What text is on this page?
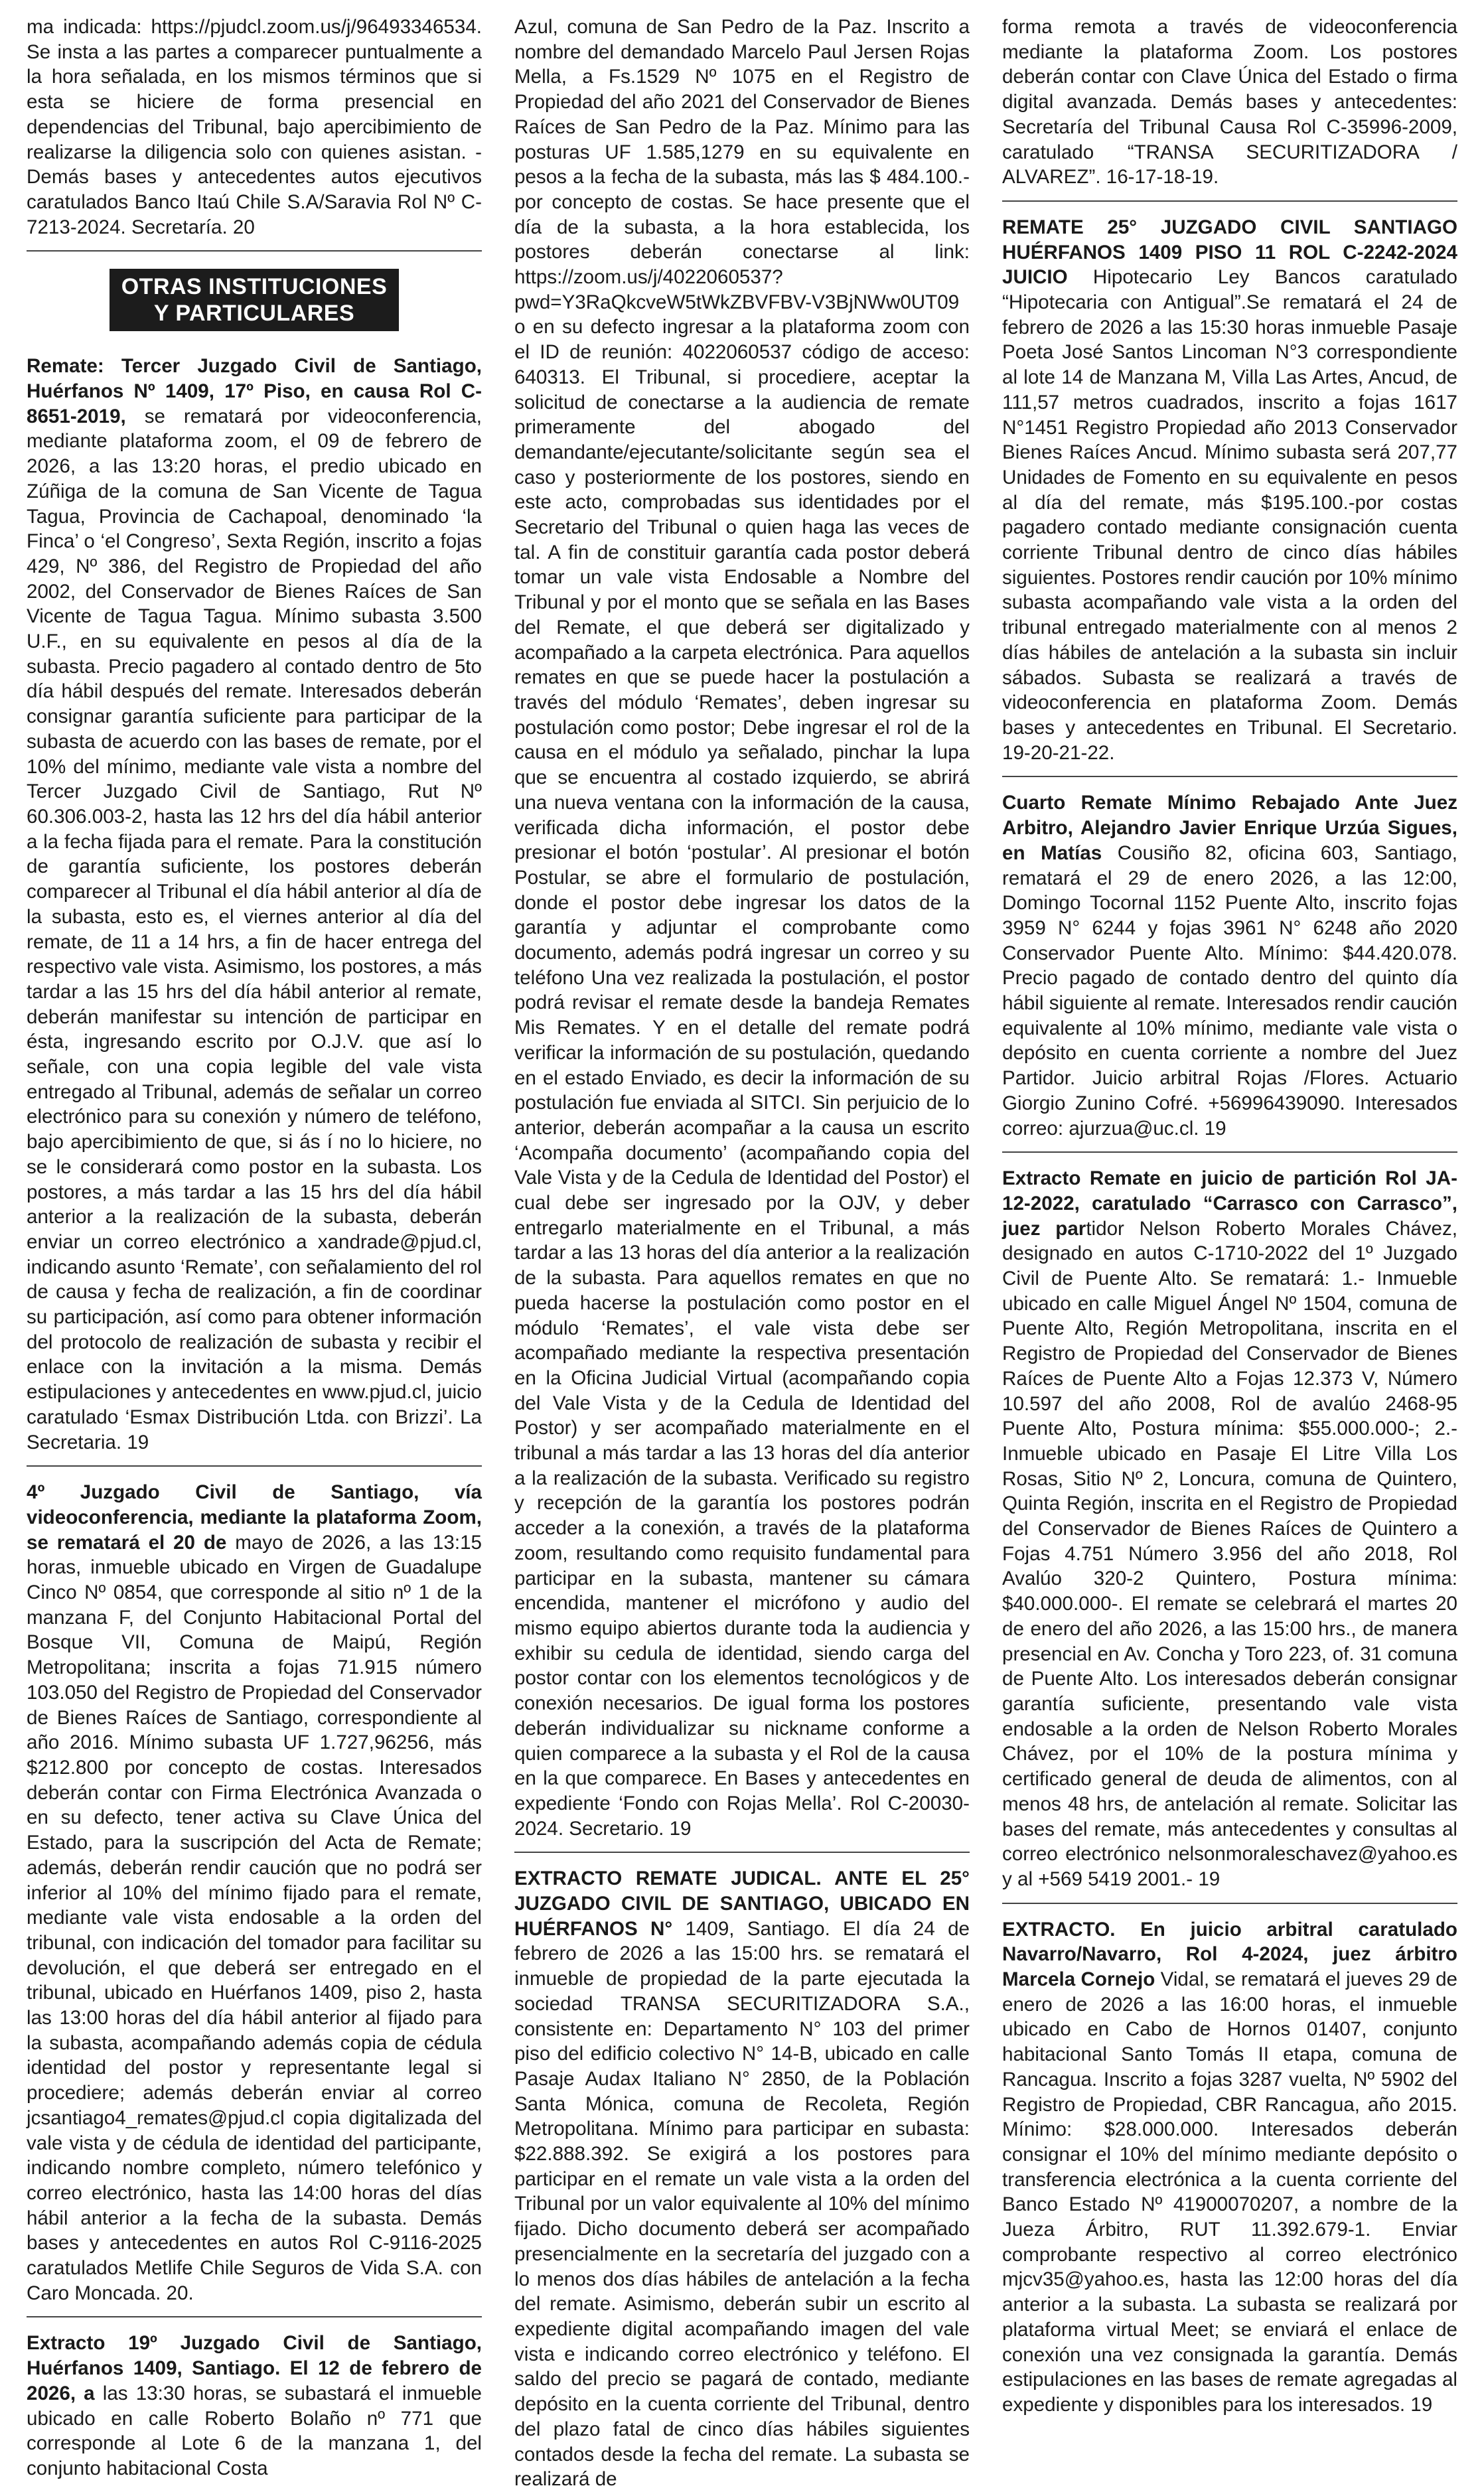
ma indicada: https://pjudcl.zoom.us/j/96493346534. Se insta a las partes a comparecer puntualmente a la hora señalada, en los mismos términos que si esta se hiciere de forma presencial en dependencias del Tribunal, bajo apercibimiento de realizarse la diligencia solo con quienes asistan. - Demás bases y antecedentes autos ejecutivos caratulados Banco Itaú Chile S.A/Saravia Rol Nº C-7213-2024. Secretaría. 20

OTRAS INSTITUCIONES
Y PARTICULARES

Remate: Tercer Juzgado Civil de Santiago, Huérfanos Nº 1409, 17º Piso, en causa Rol C-8651-2019, se rematará por videoconferencia, mediante plataforma zoom, el 09 de febrero de 2026, a las 13:20 horas, el predio ubicado en Zúñiga de la comuna de San Vicente de Tagua Tagua, Provincia de Cachapoal, denominado ‘la Finca’ o ‘el Congreso’, Sexta Región, inscrito a fojas 429, Nº 386, del Registro de Propiedad del año 2002, del Conservador de Bienes Raíces de San Vicente de Tagua Tagua. Mínimo subasta 3.500 U.F., en su equivalente en pesos al día de la subasta. Precio pagadero al contado dentro de 5to día hábil después del remate. Interesados deberán consignar garantía suficiente para participar de la subasta de acuerdo con las bases de remate, por el 10% del mínimo, mediante vale vista a nombre del Tercer Juzgado Civil de Santiago, Rut Nº 60.306.003-2, hasta las 12 hrs del día hábil anterior a la fecha fijada para el remate. Para la constitución de garantía suficiente, los postores deberán comparecer al Tribunal el día hábil anterior al día de la subasta, esto es, el viernes anterior al día del remate, de 11 a 14 hrs, a fin de hacer entrega del respectivo vale vista. Asimismo, los postores, a más tardar a las 15 hrs del día hábil anterior al remate, deberán manifestar su intención de participar en ésta, ingresando escrito por O.J.V. que así lo señale, con una copia legible del vale vista entregado al Tribunal, además de señalar un correo electrónico para su conexión y número de teléfono, bajo apercibimiento de que, si ás í no lo hiciere, no se le considerará como postor en la subasta. Los postores, a más tardar a las 15 hrs del día hábil anterior a la realización de la subasta, deberán enviar un correo electrónico a xandrade@pjud.cl, indicando asunto ‘Remate’, con señalamiento del rol de causa y fecha de realización, a fin de coordinar su participación, así como para obtener información del protocolo de realización de subasta y recibir el enlace con la invitación a la misma. Demás estipulaciones y antecedentes en www.pjud.cl, juicio caratulado ‘Esmax Distribución Ltda. con Brizzi’. La Secretaria. 19

4º Juzgado Civil de Santiago, vía videoconferencia, mediante la plataforma Zoom, se rematará el 20 de mayo de 2026, a las 13:15 horas, inmueble ubicado en Virgen de Guadalupe Cinco Nº 0854, que corresponde al sitio nº 1 de la manzana F, del Conjunto Habitacional Portal del Bosque VII, Comuna de Maipú, Región Metropolitana; inscrita a fojas 71.915 número 103.050 del Registro de Propiedad del Conservador de Bienes Raíces de Santiago, correspondiente al año 2016. Mínimo subasta UF 1.727,96256, más $212.800 por concepto de costas. Interesados deberán contar con Firma Electrónica Avanzada o en su defecto, tener activa su Clave Única del Estado, para la suscripción del Acta de Remate; además, deberán rendir caución que no podrá ser inferior al 10% del mínimo fijado para el remate, mediante vale vista endosable a la orden del tribunal, con indicación del tomador para facilitar su devolución, el que deberá ser entregado en el tribunal, ubicado en Huérfanos 1409, piso 2, hasta las 13:00 horas del día hábil anterior al fijado para la subasta, acompañando además copia de cédula identidad del postor y representante legal si procediere; además deberán enviar al correo jcsantiago4_remates@pjud.cl copia digitalizada del vale vista y de cédula de identidad del participante, indicando nombre completo, número telefónico y correo electrónico, hasta las 14:00 horas del días hábil anterior a la fecha de la subasta. Demás bases y antecedentes en autos Rol C-9116-2025 caratulados Metlife Chile Seguros de Vida S.A. con Caro Moncada. 20.

Extracto 19º Juzgado Civil de Santiago, Huérfanos 1409, Santiago. El 12 de febrero de 2026, a las 13:30 horas, se subastará el inmueble ubicado en calle Roberto Bolaño nº 771 que corresponde al Lote 6 de la manzana 1, del conjunto habitacional Costa

Azul, comuna de San Pedro de la Paz. Inscrito a nombre del demandado Marcelo Paul Jersen Rojas Mella, a Fs.1529 Nº 1075 en el Registro de Propiedad del año 2021 del Conservador de Bienes Raíces de San Pedro de la Paz. Mínimo para las posturas UF 1.585,1279 en su equivalente en pesos a la fecha de la subasta, más las $ 484.100.-por concepto de costas. Se hace presente que el día de la subasta, a la hora establecida, los postores deberán conectarse al link: https://zoom.us/j/4022060537?pwd=Y3RaQkcveW5tWkZBVFBV-V3BjNWw0UT09 o en su defecto ingresar a la plataforma zoom con el ID de reunión: 4022060537 código de acceso: 640313. El Tribunal, si procediere, aceptar la solicitud de conectarse a la audiencia de remate primeramente del abogado del demandante/ejecutante/solicitante según sea el caso y posteriormente de los postores, siendo en este acto, comprobadas sus identidades por el Secretario del Tribunal o quien haga las veces de tal. A fin de constituir garantía cada postor deberá tomar un vale vista Endosable a Nombre del Tribunal y por el monto que se señala en las Bases del Remate, el que deberá ser digitalizado y acompañado a la carpeta electrónica. Para aquellos remates en que se puede hacer la postulación a través del módulo ‘Remates’, deben ingresar su postulación como postor; Debe ingresar el rol de la causa en el módulo ya señalado, pinchar la lupa que se encuentra al costado izquierdo, se abrirá una nueva ventana con la información de la causa, verificada dicha información, el postor debe presionar el botón ‘postular’. Al presionar el botón Postular, se abre el formulario de postulación, donde el postor debe ingresar los datos de la garantía y adjuntar el comprobante como documento, además podrá ingresar un correo y su teléfono Una vez realizada la postulación, el postor podrá revisar el remate desde la bandeja Remates Mis Remates. Y en el detalle del remate podrá verificar la información de su postulación, quedando en el estado Enviado, es decir la información de su postulación fue enviada al SITCI. Sin perjuicio de lo anterior, deberán acompañar a la causa un escrito ‘Acompaña documento’ (acompañando copia del Vale Vista y de la Cedula de Identidad del Postor) el cual debe ser ingresado por la OJV, y deber entregarlo materialmente en el Tribunal, a más tardar a las 13 horas del día anterior a la realización de la subasta. Para aquellos remates en que no pueda hacerse la postulación como postor en el módulo ‘Remates’, el vale vista debe ser acompañado mediante la respectiva presentación en la Oficina Judicial Virtual (acompañando copia del Vale Vista y de la Cedula de Identidad del Postor) y ser acompañado materialmente en el tribunal a más tardar a las 13 horas del día anterior a la realización de la subasta. Verificado su registro y recepción de la garantía los postores podrán acceder a la conexión, a través de la plataforma zoom, resultando como requisito fundamental para participar en la subasta, mantener su cámara encendida, mantener el micrófono y audio del mismo equipo abiertos durante toda la audiencia y exhibir su cedula de identidad, siendo carga del postor contar con los elementos tecnológicos y de conexión necesarios. De igual forma los postores deberán individualizar su nickname conforme a quien comparece a la subasta y el Rol de la causa en la que comparece. En Bases y antecedentes en expediente ‘Fondo con Rojas Mella’. Rol C-20030-2024. Secretario. 19

EXTRACTO REMATE JUDICAL. ANTE EL 25° JUZGADO CIVIL DE SANTIAGO, UBICADO EN HUÉRFANOS N° 1409, Santiago. El día 24 de febrero de 2026 a las 15:00 hrs. se rematará el inmueble de propiedad de la parte ejecutada la sociedad TRANSA SECURITIZADORA S.A., consistente en: Departamento N° 103 del primer piso del edificio colectivo N° 14-B, ubicado en calle Pasaje Audax Italiano N° 2850, de la Población Santa Mónica, comuna de Recoleta, Región Metropolitana. Mínimo para participar en subasta: $22.888.392. Se exigirá a los postores para participar en el remate un vale vista a la orden del Tribunal por un valor equivalente al 10% del mínimo fijado. Dicho documento deberá ser acompañado presencialmente en la secretaría del juzgado con a lo menos dos días hábiles de antelación a la fecha del remate. Asimismo, deberán subir un escrito al expediente digital acompañando imagen del vale vista e indicando correo electrónico y teléfono. El saldo del precio se pagará de contado, mediante depósito en la cuenta corriente del Tribunal, dentro del plazo fatal de cinco días hábiles siguientes contados desde la fecha del remate. La subasta se realizará de

forma remota a través de videoconferencia mediante la plataforma Zoom. Los postores deberán contar con Clave Única del Estado o firma digital avanzada. Demás bases y antecedentes: Secretaría del Tribunal Causa Rol C-35996-2009, caratulado “TRANSA SECURITIZADORA / ALVAREZ”. 16-17-18-19.

REMATE 25° JUZGADO CIVIL SANTIAGO HUÉRFANOS 1409 PISO 11 ROL C-2242-2024 JUICIO Hipotecario Ley Bancos caratulado “Hipotecaria con Antigual”.Se rematará el 24 de febrero de 2026 a las 15:30 horas inmueble Pasaje Poeta José Santos Lincoman N°3 correspondiente al lote 14 de Manzana M, Villa Las Artes, Ancud, de 111,57 metros cuadrados, inscrito a fojas 1617 N°1451 Registro Propiedad año 2013 Conservador Bienes Raíces Ancud. Mínimo subasta será 207,77 Unidades de Fomento en su equivalente en pesos al día del remate, más $195.100.-por costas pagadero contado mediante consignación cuenta corriente Tribunal dentro de cinco días hábiles siguientes. Postores rendir caución por 10% mínimo subasta acompañando vale vista a la orden del tribunal entregado materialmente con al menos 2 días hábiles de antelación a la subasta sin incluir sábados. Subasta se realizará a través de videoconferencia en plataforma Zoom. Demás bases y antecedentes en Tribunal. El Secretario. 19-20-21-22.

Cuarto Remate Mínimo Rebajado Ante Juez Arbitro, Alejandro Javier Enrique Urzúa Sigues, en Matías Cousiño 82, oficina 603, Santiago, rematará el 29 de enero 2026, a las 12:00, Domingo Tocornal 1152 Puente Alto, inscrito fojas 3959 N° 6244 y fojas 3961 N° 6248 año 2020 Conservador Puente Alto. Mínimo: $44.420.078. Precio pagado de contado dentro del quinto día hábil siguiente al remate. Interesados rendir caución equivalente al 10% mínimo, mediante vale vista o depósito en cuenta corriente a nombre del Juez Partidor. Juicio arbitral Rojas /Flores. Actuario Giorgio Zunino Cofré. +56996439090. Interesados correo: ajurzua@uc.cl. 19

Extracto Remate en juicio de partición Rol JA-12-2022, caratulado “Carrasco con Carrasco”, juez partidor Nelson Roberto Morales Chávez, designado en autos C-1710-2022 del 1º Juzgado Civil de Puente Alto. Se rematará: 1.- Inmueble ubicado en calle Miguel Ángel Nº 1504, comuna de Puente Alto, Región Metropolitana, inscrita en el Registro de Propiedad del Conservador de Bienes Raíces de Puente Alto a Fojas 12.373 V, Número 10.597 del año 2008, Rol de avalúo 2468-95 Puente Alto, Postura mínima: $55.000.000-; 2.- Inmueble ubicado en Pasaje El Litre Villa Los Rosas, Sitio Nº 2, Loncura, comuna de Quintero, Quinta Región, inscrita en el Registro de Propiedad del Conservador de Bienes Raíces de Quintero a Fojas 4.751 Número 3.956 del año 2018, Rol Avalúo 320-2 Quintero, Postura mínima: $40.000.000-. El remate se celebrará el martes 20 de enero del año 2026, a las 15:00 hrs., de manera presencial en Av. Concha y Toro 223, of. 31 comuna de Puente Alto. Los interesados deberán consignar garantía suficiente, presentando vale vista endosable a la orden de Nelson Roberto Morales Chávez, por el 10% de la postura mínima y certificado general de deuda de alimentos, con al menos 48 hrs, de antelación al remate. Solicitar las bases del remate, más antecedentes y consultas al correo electrónico nelsonmoraleschavez@yahoo.es y al +569 5419 2001.- 19

EXTRACTO. En juicio arbitral caratulado Navarro/Navarro, Rol 4-2024, juez árbitro Marcela Cornejo Vidal, se rematará el jueves 29 de enero de 2026 a las 16:00 horas, el inmueble ubicado en Cabo de Hornos 01407, conjunto habitacional Santo Tomás II etapa, comuna de Rancagua. Inscrito a fojas 3287 vuelta, Nº 5902 del Registro de Propiedad, CBR Rancagua, año 2015. Mínimo: $28.000.000. Interesados deberán consignar el 10% del mínimo mediante depósito o transferencia electrónica a la cuenta corriente del Banco Estado Nº 41900070207, a nombre de la Jueza Árbitro, RUT 11.392.679-1. Enviar comprobante respectivo al correo electrónico mjcv35@yahoo.es, hasta las 12:00 horas del día anterior a la subasta. La subasta se realizará por plataforma virtual Meet; se enviará el enlace de conexión una vez consignada la garantía. Demás estipulaciones en las bases de remate agregadas al expediente y disponibles para los interesados. 19
